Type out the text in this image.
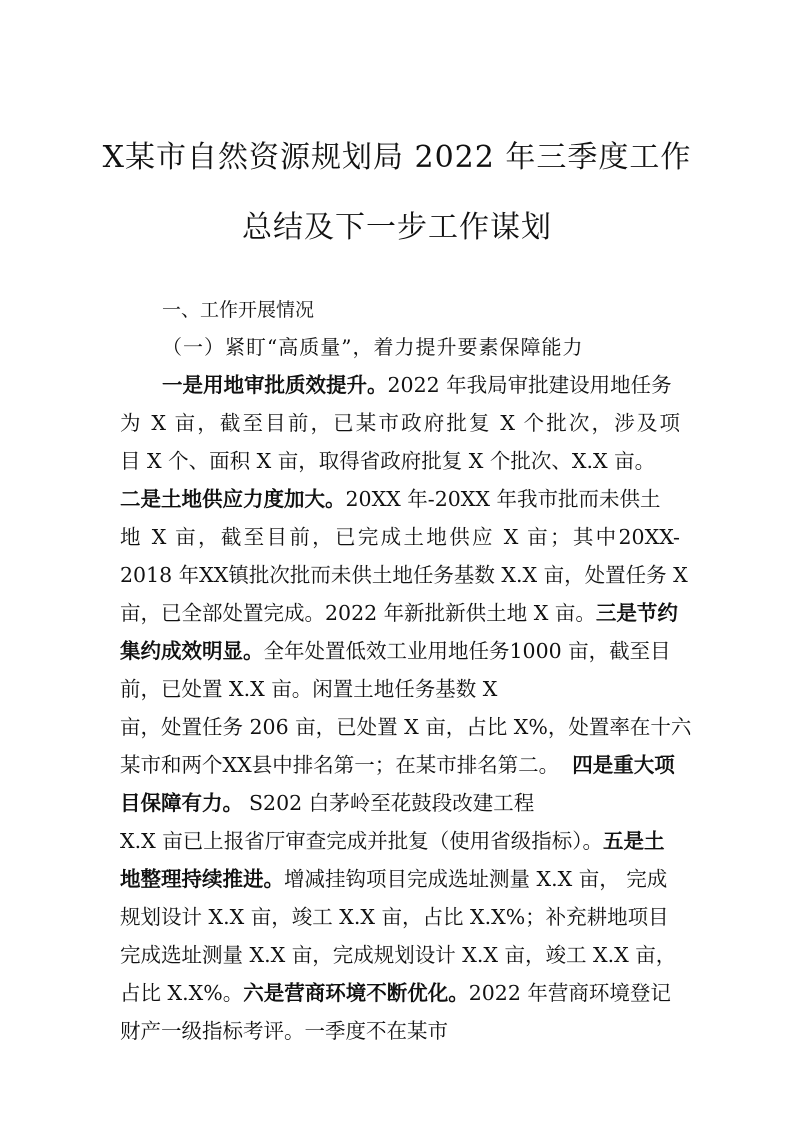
X某市自然资源规划局 2022 年三季度工作
总结及下一步工作谋划

一、工作开展情况

（一）紧盯“高质量”，着力提升要素保障能力

一是用地审批质效提升。2022 年我局审批建设用地任务

为 X 亩，截至目前，已某市政府批复 X 个批次，涉及项

目 X 个、面积 X 亩，取得省政府批复 X 个批次、X.X 亩。

二是土地供应力度加大。20XX 年-20XX 年我市批而未供土

地 X 亩，截至目前，已完成土地供应 X 亩；其中20XX-

2018 年XX镇批次批而未供土地任务基数 X.X 亩，处置任务 X

亩，已全部处置完成。2022 年新批新供土地 X 亩。三是节约

集约成效明显。全年处置低效工业用地任务1000 亩，截至目

前，已处置 X.X 亩。闲置土地任务基数 X

亩，处置任务 206 亩，已处置 X 亩，占比 X%，处置率在十六

某市和两个XX县中排名第一；在某市排名第二。  四是重大项

目保障有力。 S202 白茅岭至花鼓段改建工程

X.X 亩已上报省厅审查完成并批复（使用省级指标）。五是土

地整理持续推进。增减挂钩项目完成选址测量 X.X 亩， 完成

规划设计 X.X 亩，竣工 X.X 亩，占比 X.X%；补充耕地项目

完成选址测量 X.X 亩，完成规划设计 X.X 亩，竣工 X.X 亩，

占比 X.X%。六是营商环境不断优化。2022 年营商环境登记

财产一级指标考评。一季度不在某市
